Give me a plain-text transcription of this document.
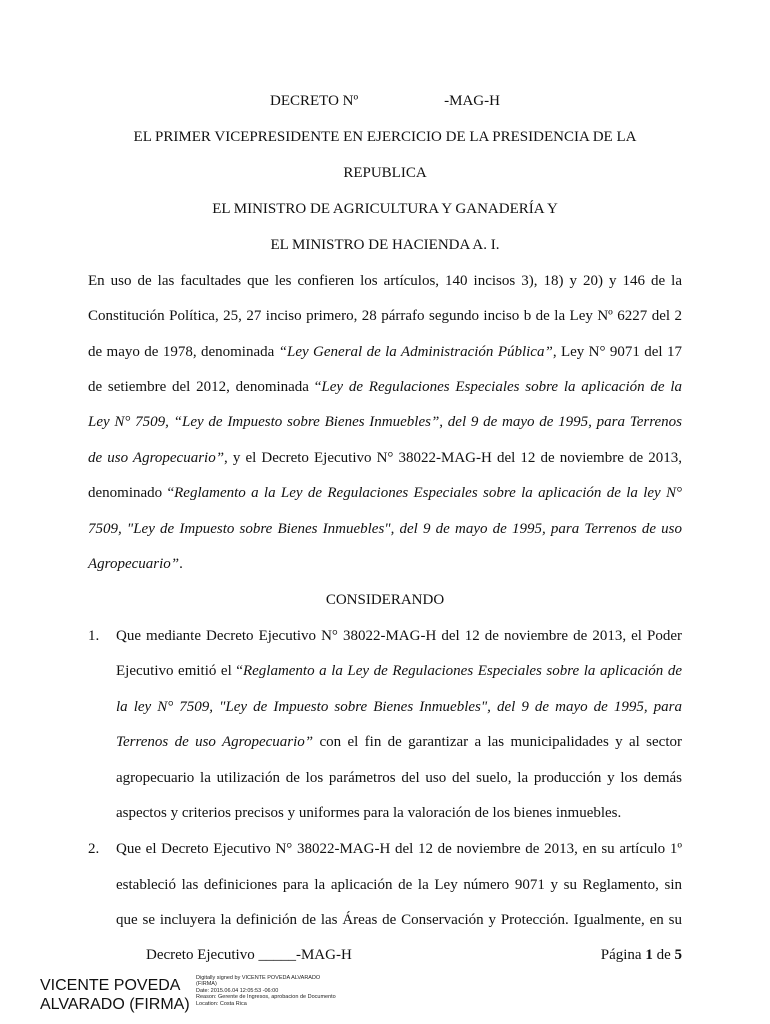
DECRETO Nº	-MAG-H
EL PRIMER VICEPRESIDENTE EN EJERCICIO DE LA PRESIDENCIA DE LA
REPUBLICA
EL MINISTRO DE AGRICULTURA Y GANADERÍA Y
EL MINISTRO DE HACIENDA A. I.
En uso de las facultades que les confieren los artículos, 140 incisos 3), 18) y 20) y 146 de la
Constitución Política, 25, 27 inciso primero, 28 párrafo segundo inciso b de la Ley Nº 6227 del 2
de mayo de 1978, denominada “Ley General de la Administración Pública”, Ley N° 9071 del 17
de setiembre del 2012, denominada “Ley de Regulaciones Especiales sobre la aplicación de la
Ley N° 7509, “Ley de Impuesto sobre Bienes Inmuebles”, del 9 de mayo de 1995, para Terrenos
de uso Agropecuario”, y el Decreto Ejecutivo N° 38022-MAG-H del 12 de noviembre de 2013,
denominado “Reglamento a la Ley de Regulaciones Especiales sobre la aplicación de la ley N°
7509, "Ley de Impuesto sobre Bienes Inmuebles", del 9 de mayo de 1995, para Terrenos de uso
Agropecuario”.
CONSIDERANDO
1. Que mediante Decreto Ejecutivo N° 38022-MAG-H del 12 de noviembre de 2013, el Poder
Ejecutivo emitió el “Reglamento a la Ley de Regulaciones Especiales sobre la aplicación de
la ley N° 7509, "Ley de Impuesto sobre Bienes Inmuebles", del 9 de mayo de 1995, para
Terrenos de uso Agropecuario” con el fin de garantizar a las municipalidades y al sector
agropecuario la utilización de los parámetros del uso del suelo, la producción y los demás
aspectos y criterios precisos y uniformes para la valoración de los bienes inmuebles.
2. Que el Decreto Ejecutivo N° 38022-MAG-H del 12 de noviembre de 2013, en su artículo 1º
estableció las definiciones para la aplicación de la Ley número 9071 y su Reglamento, sin
que se incluyera la definición de las Áreas de Conservación y Protección. Igualmente, en su
Decreto Ejecutivo _____-MAG-H	Página 1 de 5
VICENTE POVEDA
ALVARADO (FIRMA)
Digitally signed by VICENTE POVEDA ALVARADO
(FIRMA)
Date: 2015.06.04 12:05:53 -06:00
Reason: Gerente de Ingresos, aprobacion de Documento
Location: Costa Rica
